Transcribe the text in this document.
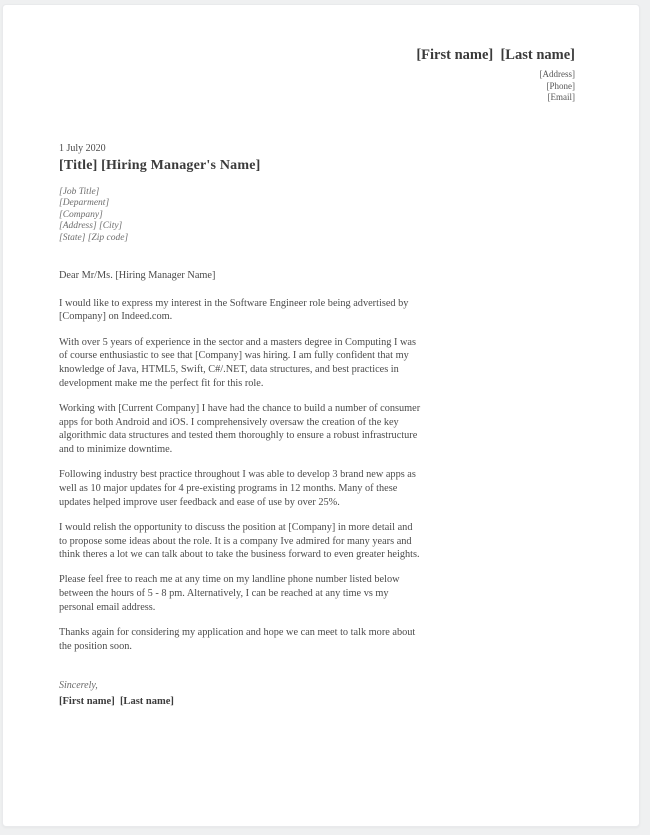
[First name]  [Last name]
[Address]
[Phone]
[Email]
1 July 2020
[Title] [Hiring Manager's Name]
[Job Title]
[Deparment]
[Company]
[Address] [City]
[State] [Zip code]

Dear Mr/Ms. [Hiring Manager Name]

I would like to express my interest in the Software Engineer role being advertised by [Company] on Indeed.com.

With over 5 years of experience in the sector and a masters degree in Computing I was of course enthusiastic to see that [Company] was hiring. I am fully confident that my knowledge of Java, HTML5, Swift, C#/.NET, data structures, and best practices in development make me the perfect fit for this role.

Working with [Current Company] I have had the chance to build a number of consumer apps for both Android and iOS. I comprehensively oversaw the creation of the key algorithmic data structures and tested them thoroughly to ensure a robust infrastructure and to minimize downtime.

Following industry best practice throughout I was able to develop 3 brand new apps as well as 10 major updates for 4 pre-existing programs in 12 months. Many of these updates helped improve user feedback and ease of use by over 25%.

I would relish the opportunity to discuss the position at [Company] in more detail and to propose some ideas about the role. It is a company Ive admired for many years and think theres a lot we can talk about to take the business forward to even greater heights.

Please feel free to reach me at any time on my landline phone number listed below between the hours of 5 - 8 pm. Alternatively, I can be reached at any time vs my personal email address.

Thanks again for considering my application and hope we can meet to talk more about the position soon.

Sincerely,

[First name]  [Last name]
